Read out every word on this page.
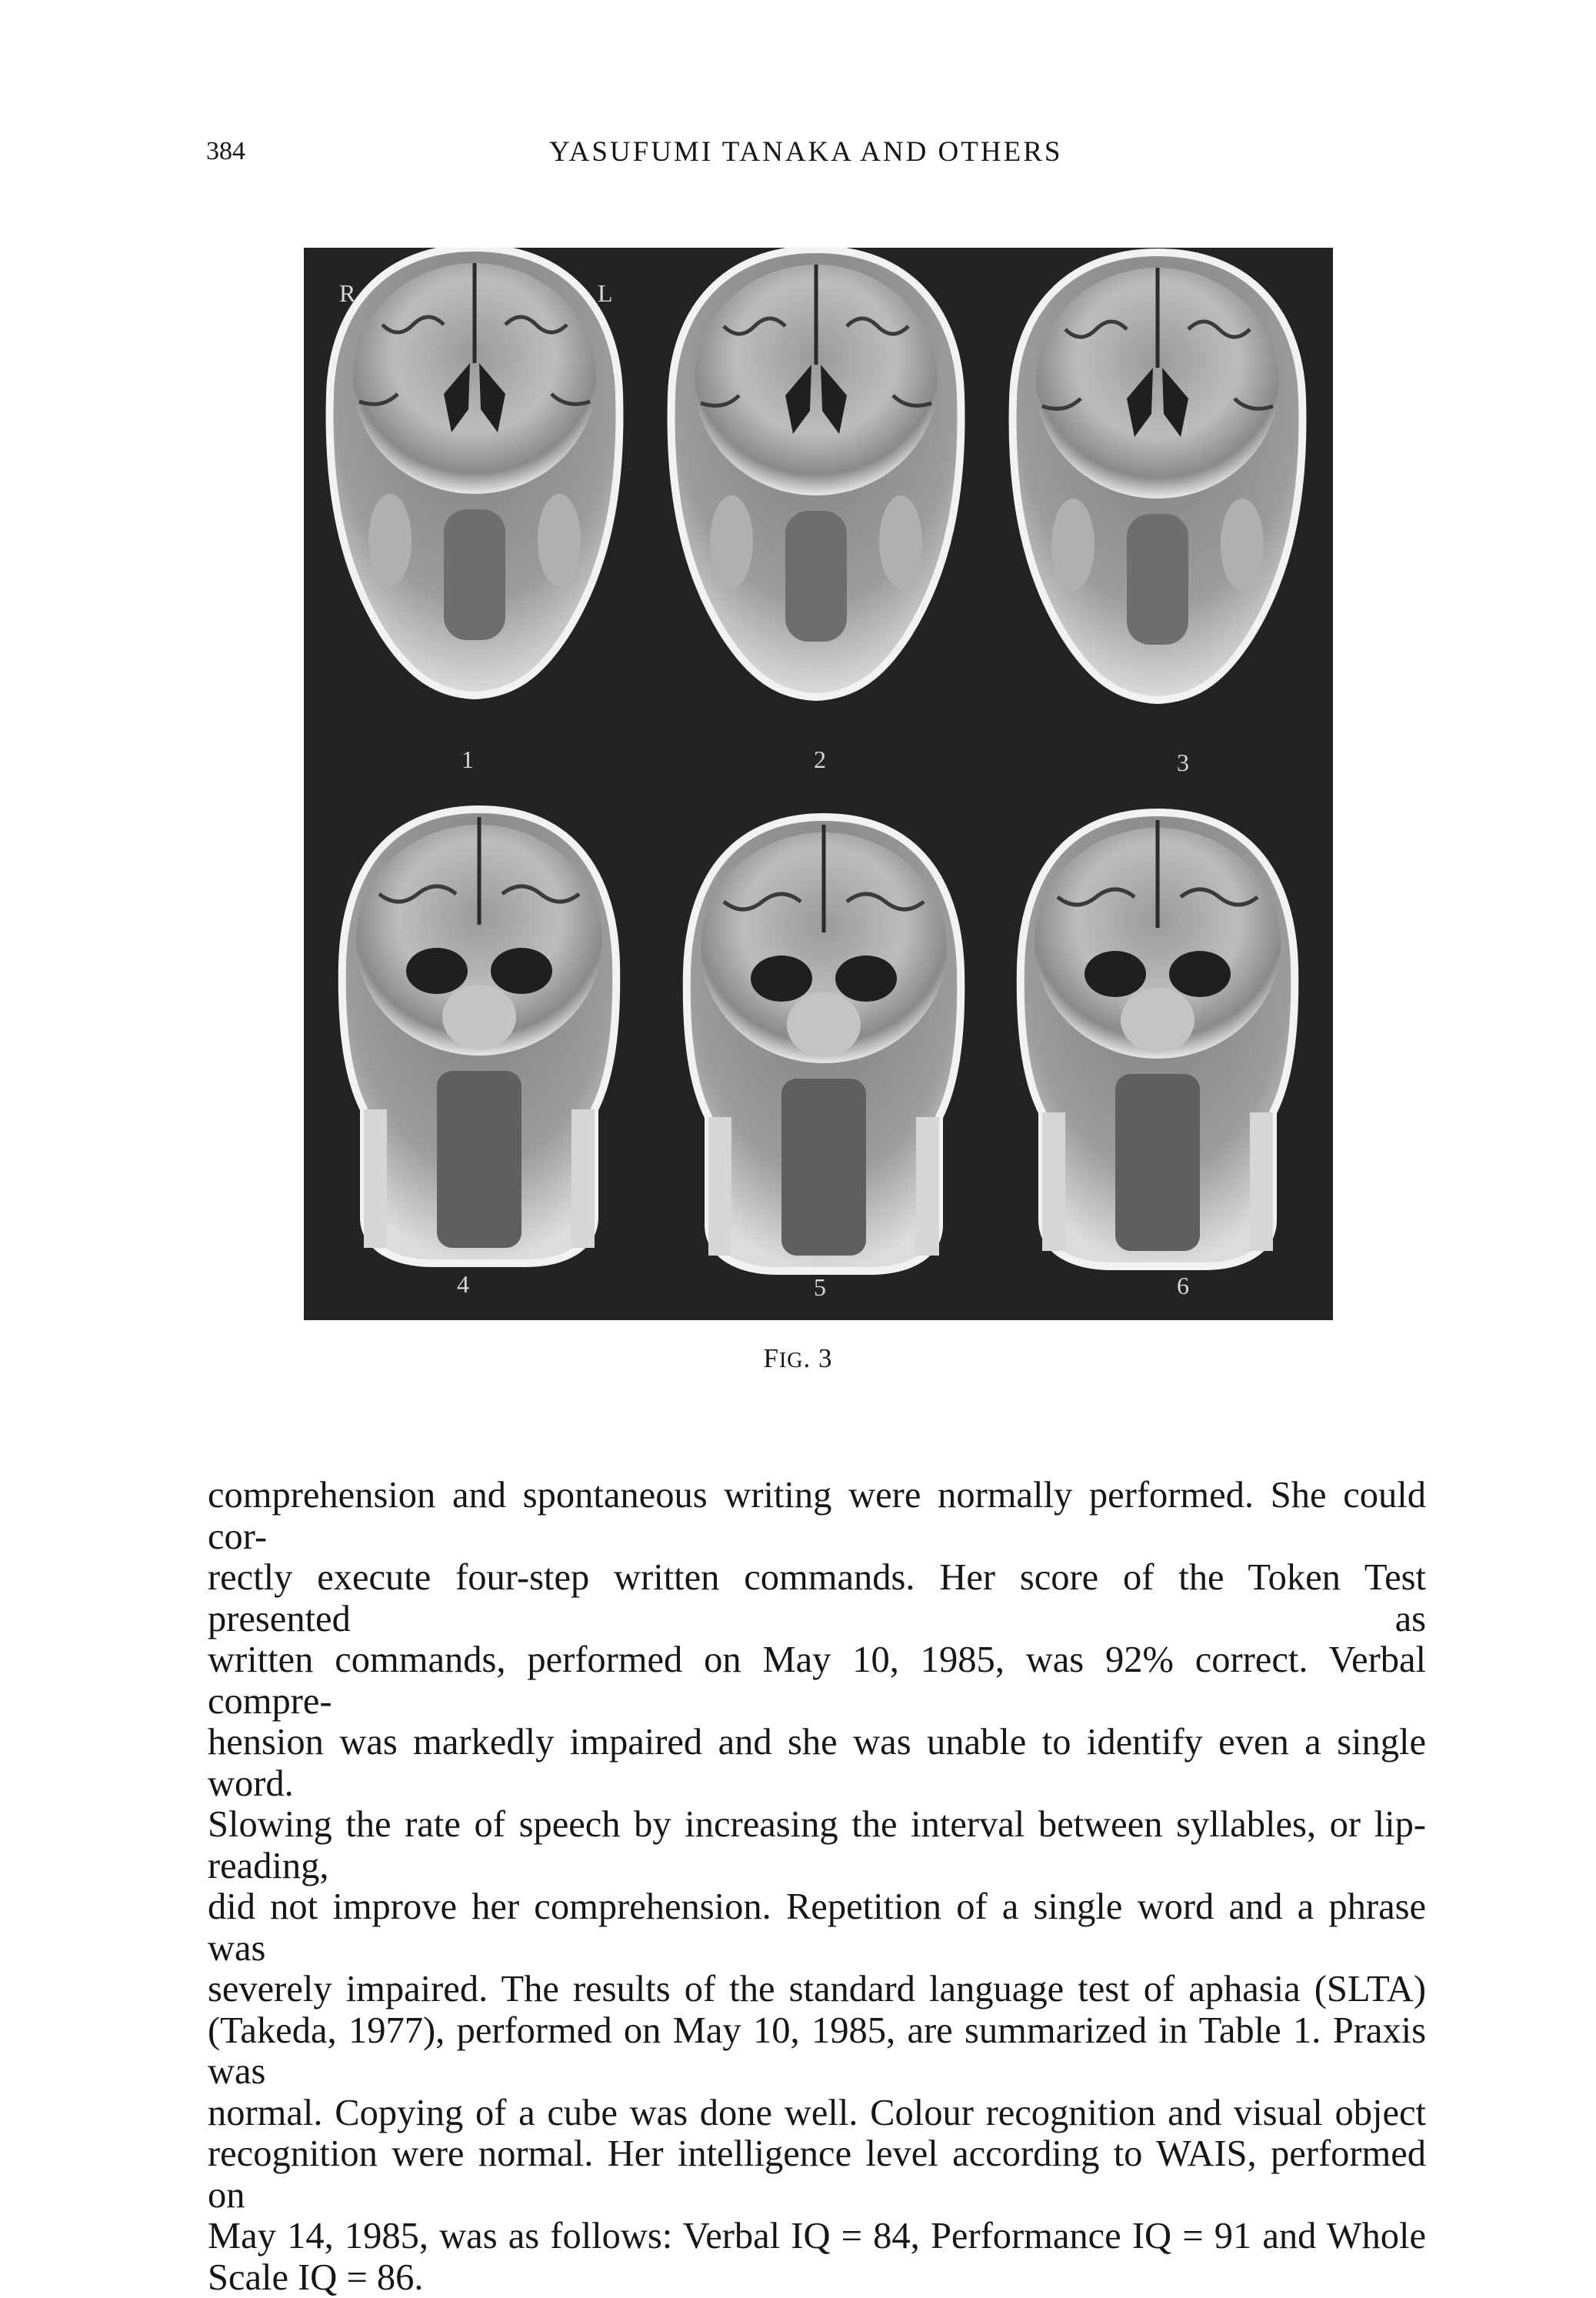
384	YASUFUMI TANAKA AND OTHERS
R	L
1	2	3
4	5	6
FIG. 3
comprehension and spontaneous writing were normally performed. She could cor-
rectly execute four-step written commands. Her score of the Token Test presented as
written commands, performed on May 10, 1985, was 92% correct. Verbal compre-
hension was markedly impaired and she was unable to identify even a single word.
Slowing the rate of speech by increasing the interval between syllables, or lip-reading,
did not improve her comprehension. Repetition of a single word and a phrase was
severely impaired. The results of the standard language test of aphasia (SLTA)
(Takeda, 1977), performed on May 10, 1985, are summarized in Table 1. Praxis was
normal. Copying of a cube was done well. Colour recognition and visual object
recognition were normal. Her intelligence level according to WAIS, performed on
May 14, 1985, was as follows: Verbal IQ = 84, Performance IQ = 91 and Whole
Scale IQ = 86.
